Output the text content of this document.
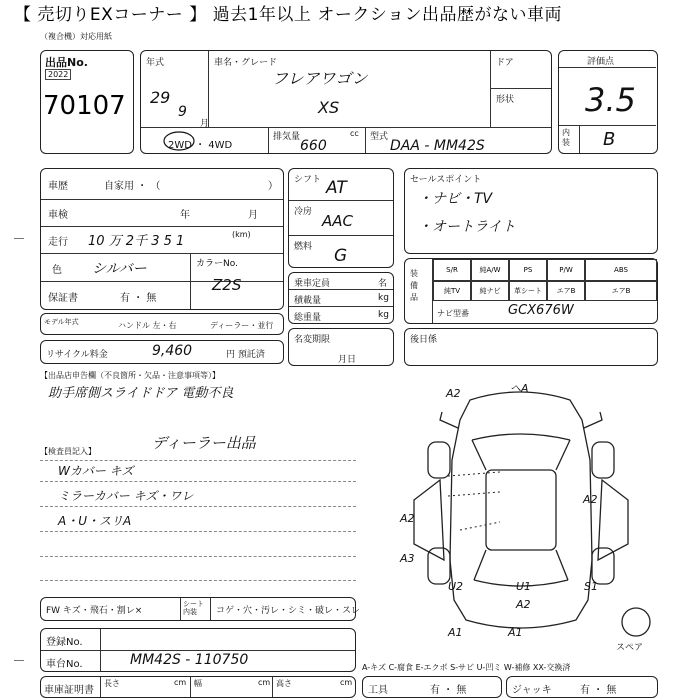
【 売切りEXコーナー 】 過去1年以上 オークション出品歴がない車両
（複合機）対応用紙
出品No.
2022
70107
年式
29
9
月
車名・グレード
フレアワゴン
XS
ドア
形状
2WD ・ 4WD
排気量	cc
660
型式
DAA - MM42S
評価点
3.5
内装	B
車歴	自家用 ・ （	）
車検	年	月
走行 10 万 2千 3 5 1	(km)
色 シルバー	カラーNo.
Z2S
保証書	有 ・ 無
モデル年式	ハンドル 左・右	ディーラー・並行
シフト AT
冷房 AAC
燃料 G
乗車定員	名
積載量	kg
総重量	kg
名変期限
月日
セールスポイント
・ナビ・TV
・オートライト
装備品
S/R	純A/W	PS	P/W	ABS
純TV	純ナビ	革シート	エアB	エアB
ナビ型番	GCX676W
後日係
リサイクル料金	9,460	円 預託済
【出品店申告欄（不良箇所・欠品・注意事項等）】
助手席側スライドドア 電動不良
【検査員記入】	ディーラー出品
Wカバー キズ
ミラーカバー キズ・ワレ
A・U・スリA
FW キズ・飛石・割レ×
シート内装	コゲ・穴・汚レ・シミ・破レ・スレ
登録No.
車台No.	MM42S - 110750
車庫証明書
長さ	cm 幅	cm 高さ	cm
A-キズ C-腐食 E-エクボ S-サビ U-凹ミ W-補修 XX-交換済
工具	有 ・ 無	ジャッキ	有 ・ 無
A2	ヘA
A2
A2
A3
U2	U1
A2
S1
A1	A1
スペア
